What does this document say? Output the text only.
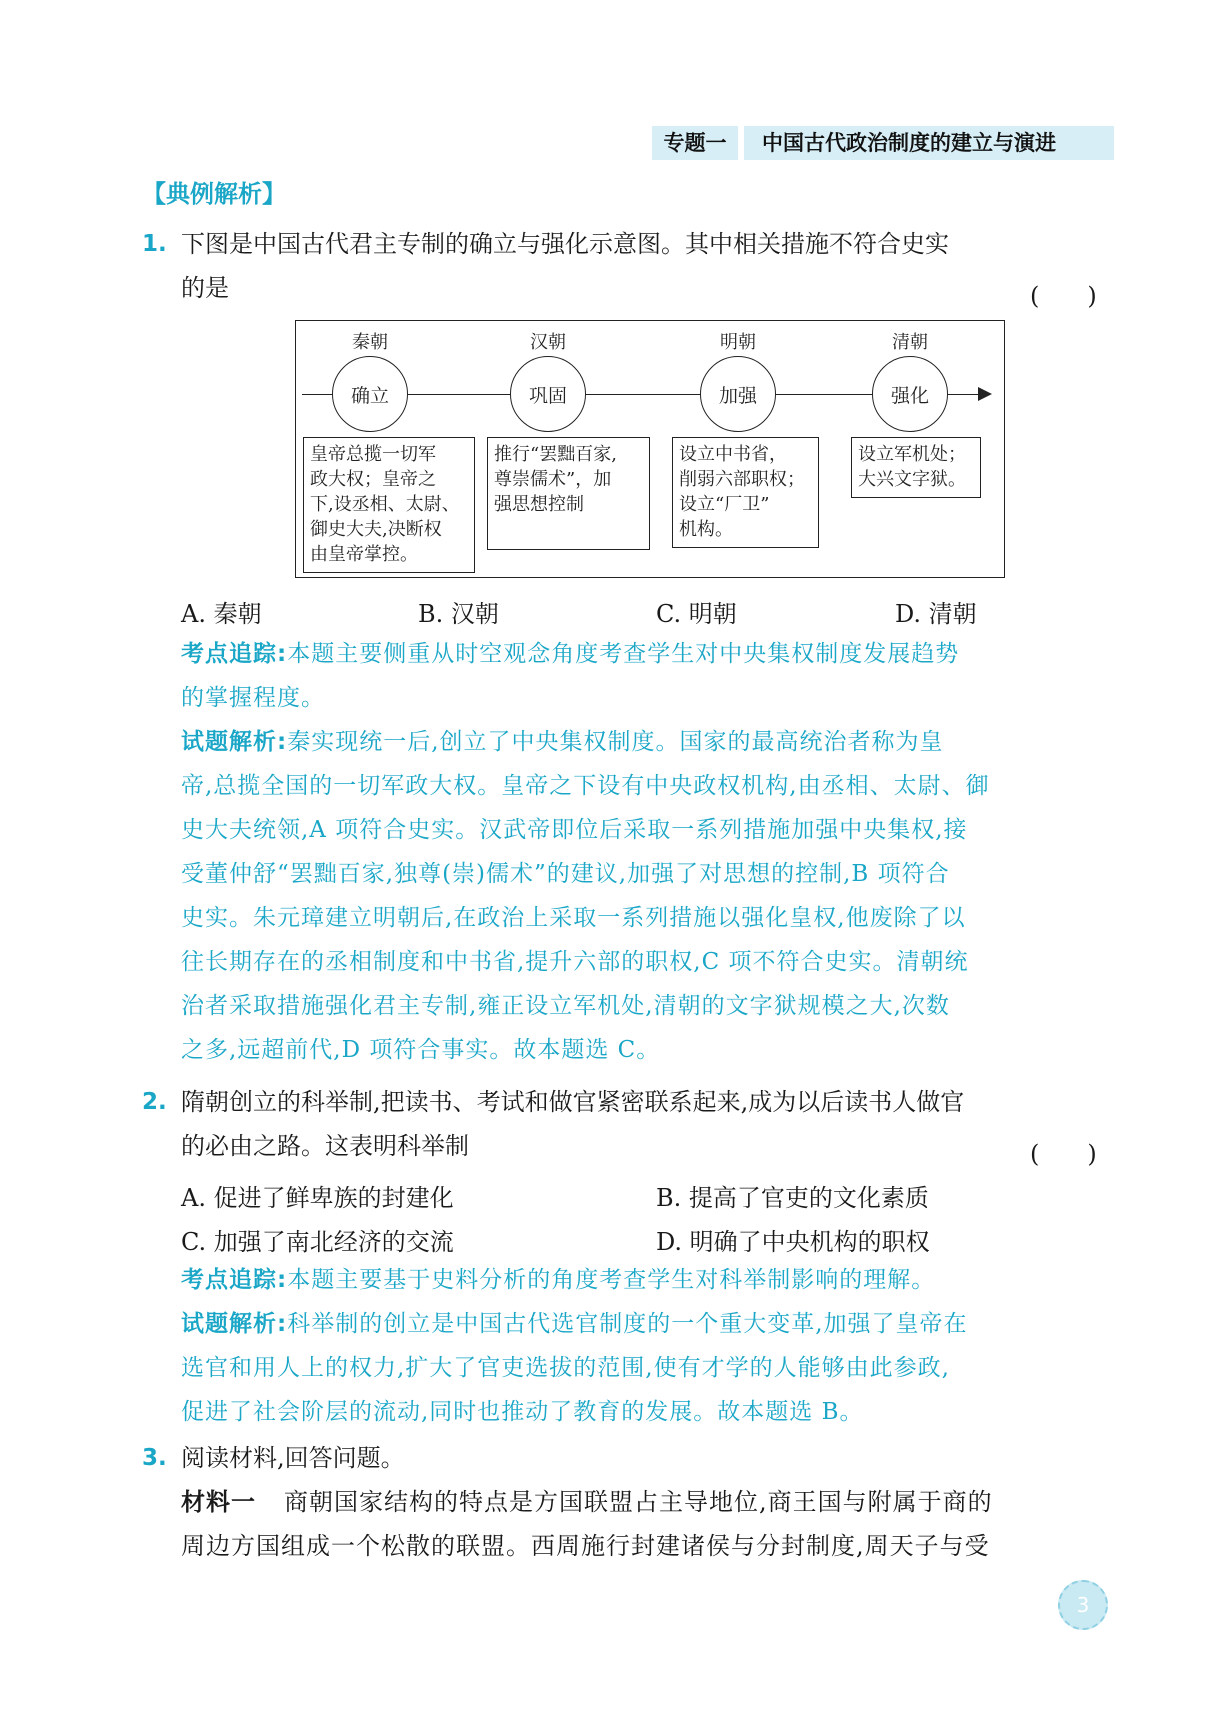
专题一	中国古代政治制度的建立与演进
【典例解析】
1. 下图是中国古代君主专制的确立与强化示意图。其中相关措施不符合史实
的是	(　　)
秦朝	汉朝	明朝	清朝
确立	巩固	加强	强化
皇帝总揽一切军
政大权；皇帝之
下,设丞相、太尉、
御史大夫,决断权
由皇帝掌控。
推行“罢黜百家,
尊崇儒术”，加
强思想控制
设立中书省，
削弱六部职权；
设立“厂卫”
机构。
设立军机处；
大兴文字狱。
A. 秦朝	B. 汉朝	C. 明朝	D. 清朝
考点追踪:本题主要侧重从时空观念角度考查学生对中央集权制度发展趋势
的掌握程度。
试题解析:秦实现统一后,创立了中央集权制度。国家的最高统治者称为皇
帝,总揽全国的一切军政大权。皇帝之下设有中央政权机构,由丞相、太尉、御
史大夫统领,A 项符合史实。汉武帝即位后采取一系列措施加强中央集权,接
受董仲舒“罢黜百家,独尊(崇)儒术”的建议,加强了对思想的控制,B 项符合
史实。朱元璋建立明朝后,在政治上采取一系列措施以强化皇权,他废除了以
往长期存在的丞相制度和中书省,提升六部的职权,C 项不符合史实。清朝统
治者采取措施强化君主专制,雍正设立军机处,清朝的文字狱规模之大,次数
之多,远超前代,D 项符合事实。故本题选 C。
2. 隋朝创立的科举制,把读书、考试和做官紧密联系起来,成为以后读书人做官
的必由之路。这表明科举制	(　　)
A. 促进了鲜卑族的封建化	B. 提高了官吏的文化素质
C. 加强了南北经济的交流	D. 明确了中央机构的职权
考点追踪:本题主要基于史料分析的角度考查学生对科举制影响的理解。
试题解析:科举制的创立是中国古代选官制度的一个重大变革,加强了皇帝在
选官和用人上的权力,扩大了官吏选拔的范围,使有才学的人能够由此参政,
促进了社会阶层的流动,同时也推动了教育的发展。故本题选 B。
3. 阅读材料,回答问题。
材料一 商朝国家结构的特点是方国联盟占主导地位,商王国与附属于商的
周边方国组成一个松散的联盟。西周施行封建诸侯与分封制度,周天子与受
3
